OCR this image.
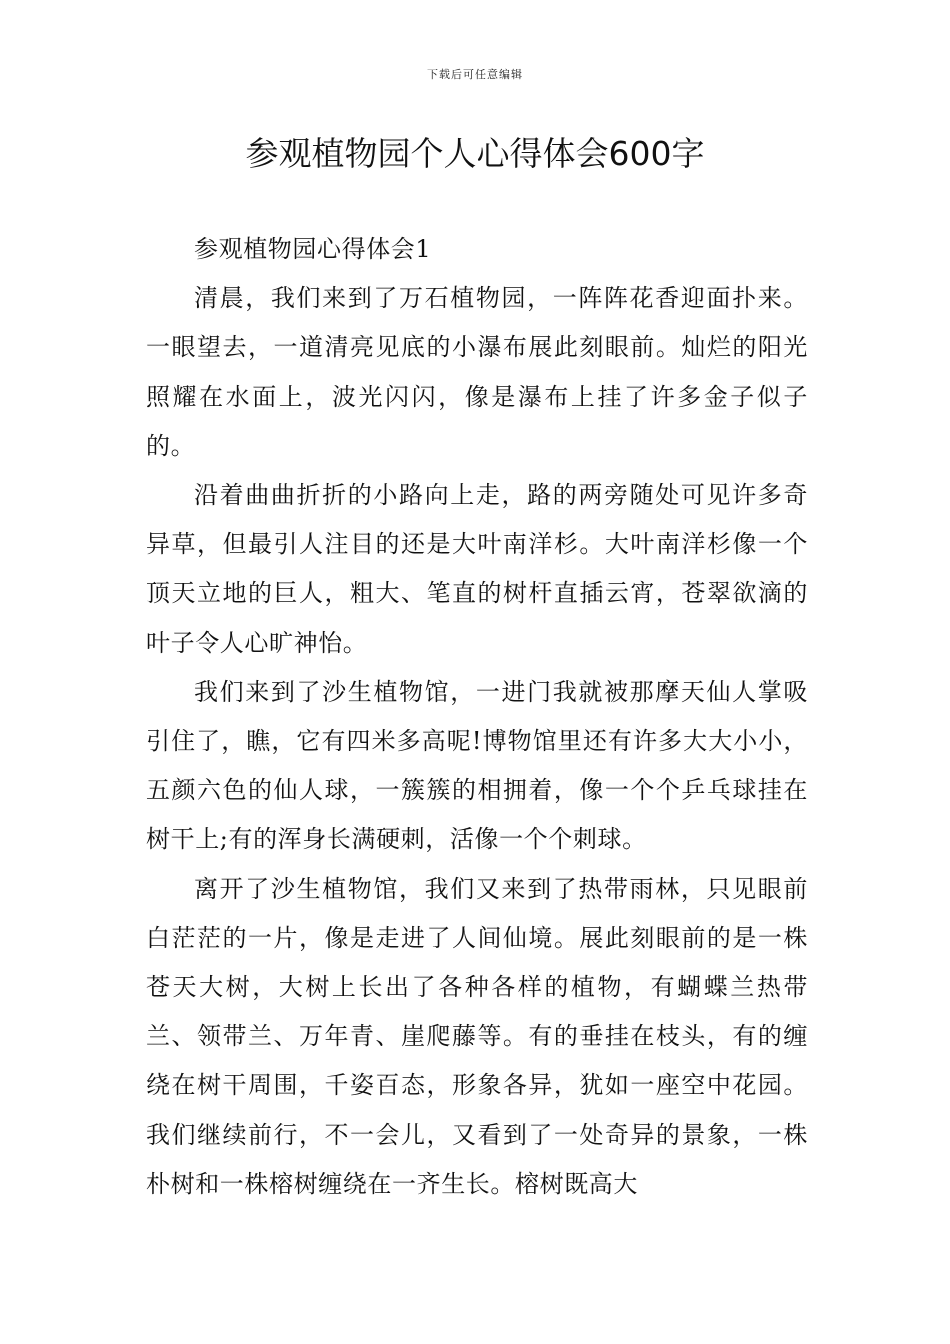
下载后可任意编辑
参观植物园个人心得体会600字

参观植物园心得体会1

清晨，我们来到了万石植物园，一阵阵花香迎面扑来。一眼望去，一道清亮见底的小瀑布展此刻眼前。灿烂的阳光照耀在水面上，波光闪闪，像是瀑布上挂了许多金子似子的。

沿着曲曲折折的小路向上走，路的两旁随处可见许多奇异草，但最引人注目的还是大叶南洋杉。大叶南洋杉像一个顶天立地的巨人，粗大、笔直的树杆直插云宵，苍翠欲滴的叶子令人心旷神怡。

我们来到了沙生植物馆，一进门我就被那摩天仙人掌吸引住了，瞧，它有四米多高呢!博物馆里还有许多大大小小，五颜六色的仙人球，一簇簇的相拥着，像一个个乒乓球挂在树干上;有的浑身长满硬刺，活像一个个刺球。

离开了沙生植物馆，我们又来到了热带雨林，只见眼前白茫茫的一片，像是走进了人间仙境。展此刻眼前的是一株苍天大树，大树上长出了各种各样的植物，有蝴蝶兰热带兰、领带兰、万年青、崖爬藤等。有的垂挂在枝头，有的缠绕在树干周围，千姿百态，形象各异，犹如一座空中花园。我们继续前行，不一会儿，又看到了一处奇异的景象，一株朴树和一株榕树缠绕在一齐生长。榕树既高大
